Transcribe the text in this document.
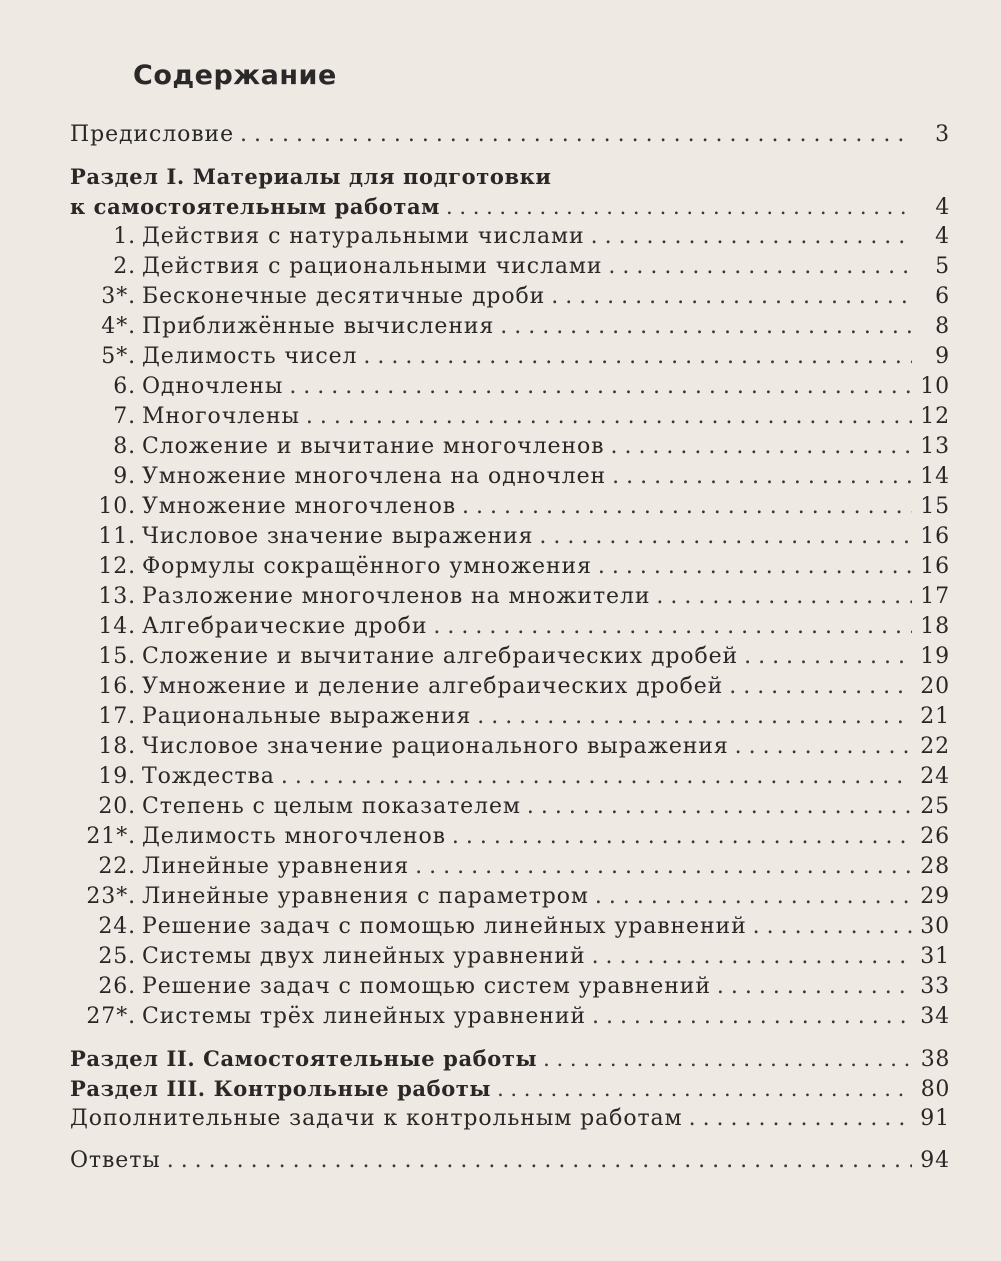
Содержание
Предисловие . . .	3
Раздел I. Материалы для подготовки
к самостоятельным работам . . .	4
1. Действия с натуральными числами . . .	4
2. Действия с рациональными числами . . .	5
3*. Бесконечные десятичные дроби . . .	6
4*. Приближённые вычисления . . .	8
5*. Делимость чисел . . .	9
6. Одночлены . . .	10
7. Многочлены . . .	12
8. Сложение и вычитание многочленов . . .	13
9. Умножение многочлена на одночлен . . .	14
10. Умножение многочленов . . .	15
11. Числовое значение выражения . . .	16
12. Формулы сокращённого умножения . . .	16
13. Разложение многочленов на множители . . .	17
14. Алгебраические дроби . . .	18
15. Сложение и вычитание алгебраических дробей . . .	19
16. Умножение и деление алгебраических дробей . . .	20
17. Рациональные выражения . . .	21
18. Числовое значение рационального выражения . . .	22
19. Тождества . . .	24
20. Степень с целым показателем . . .	25
21*. Делимость многочленов . . .	26
22. Линейные уравнения . . .	28
23*. Линейные уравнения с параметром . . .	29
24. Решение задач с помощью линейных уравнений . . .	30
25. Системы двух линейных уравнений . . .	31
26. Решение задач с помощью систем уравнений . . .	33
27*. Системы трёх линейных уравнений . . .	34
Раздел II. Самостоятельные работы . . .	38
Раздел III. Контрольные работы . . .	80
Дополнительные задачи к контрольным работам . . .	91
Ответы . . .	94
